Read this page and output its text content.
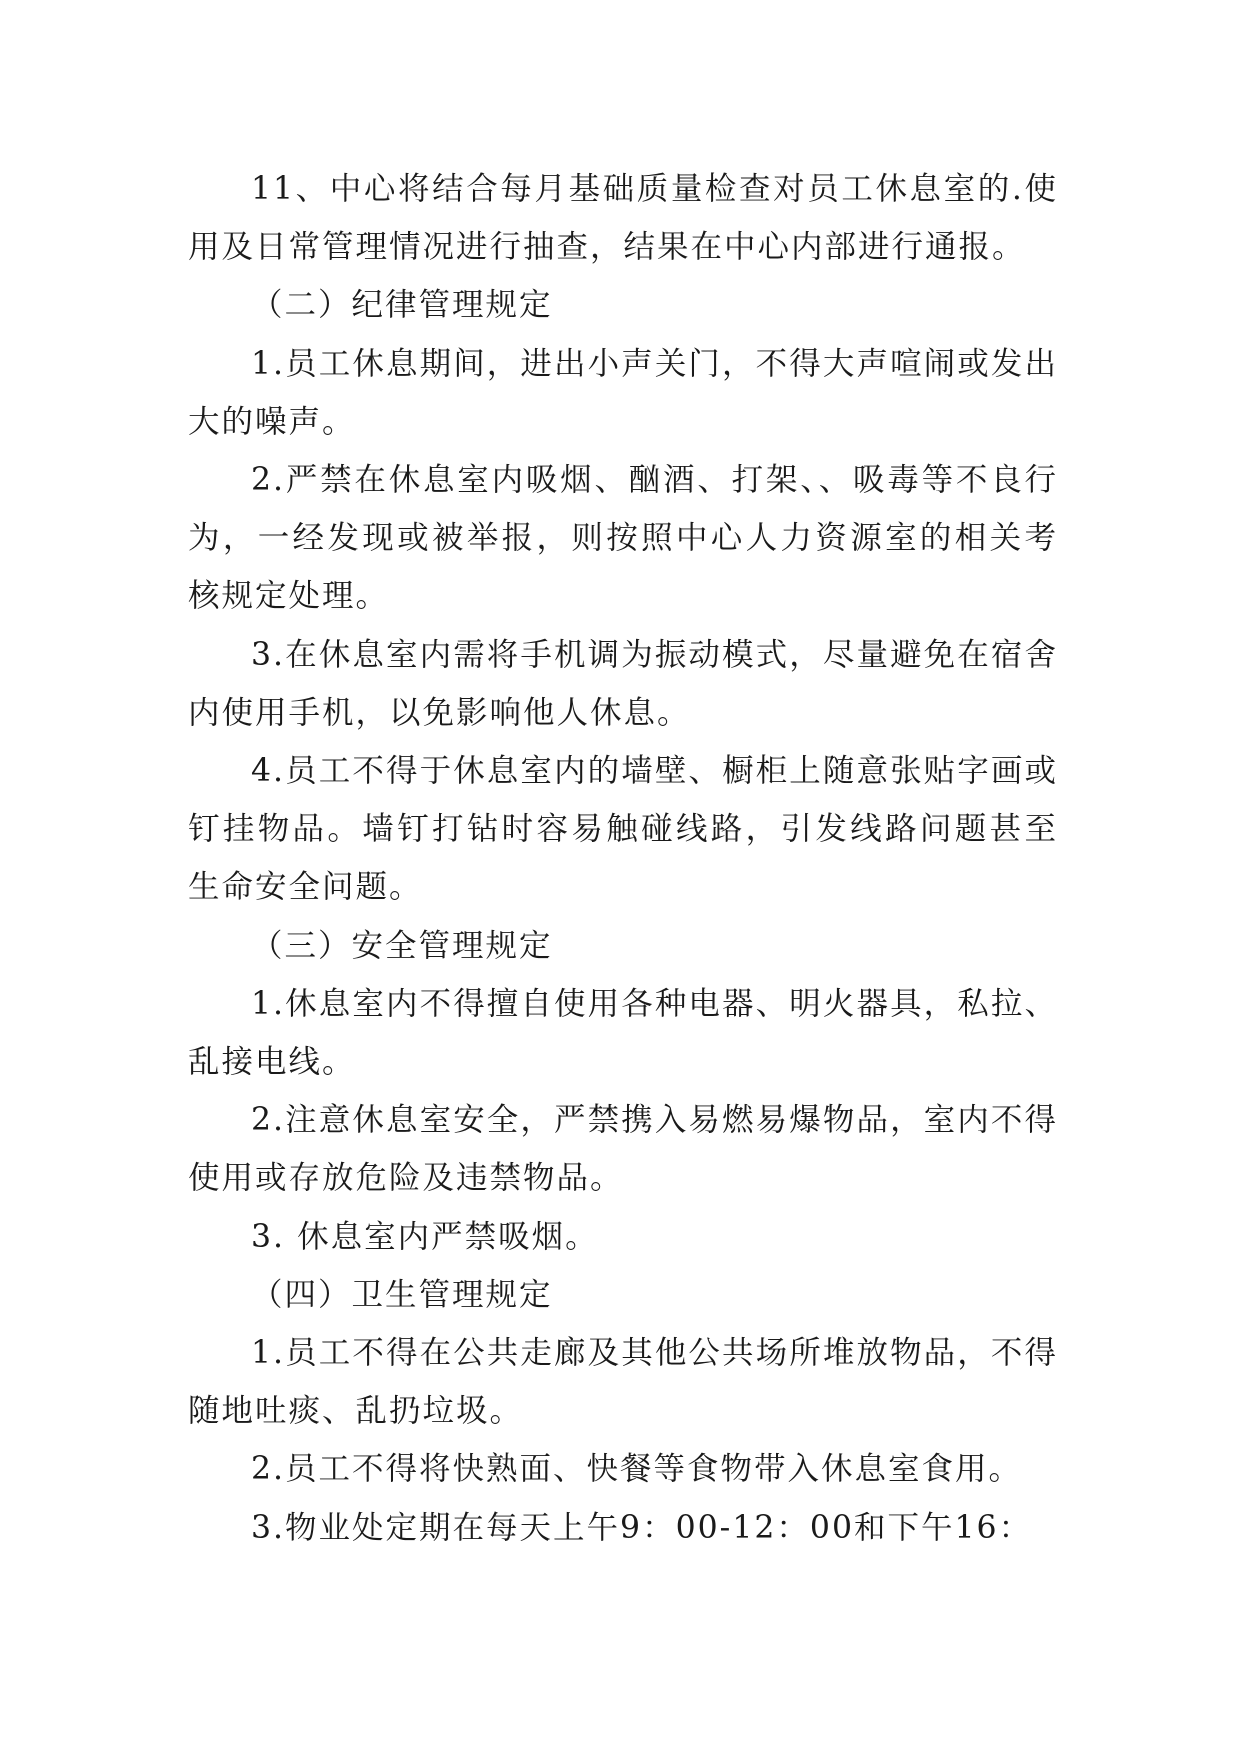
11、中心将结合每月基础质量检查对员工休息室的.使用及日常管理情况进行抽查，结果在中心内部进行通报。

（二）纪律管理规定

1.员工休息期间，进出小声关门，不得大声喧闹或发出大的噪声。

2.严禁在休息室内吸烟、酗酒、打架、、吸毒等不良行为，一经发现或被举报，则按照中心人力资源室的相关考核规定处理。

3.在休息室内需将手机调为振动模式，尽量避免在宿舍内使用手机，以免影响他人休息。

4.员工不得于休息室内的墙壁、橱柜上随意张贴字画或钉挂物品。墙钉打钻时容易触碰线路，引发线路问题甚至生命安全问题。

（三）安全管理规定

1.休息室内不得擅自使用各种电器、明火器具，私拉、乱接电线。

2.注意休息室安全，严禁携入易燃易爆物品，室内不得使用或存放危险及违禁物品。

3. 休息室内严禁吸烟。

（四）卫生管理规定

1.员工不得在公共走廊及其他公共场所堆放物品，不得随地吐痰、乱扔垃圾。

2.员工不得将快熟面、快餐等食物带入休息室食用。

3.物业处定期在每天上午9：00-12：00和下午16：
